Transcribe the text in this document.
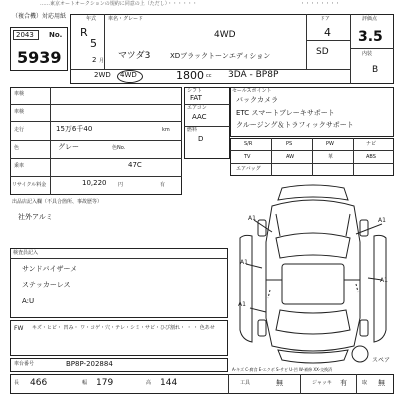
……東京オートオークションの規約に同意の上（ただし）・・・・・・	・・・・・・・・
（複合機）対応用紙
2043 No.
5939
年式
R
5
2 月
車名・グレード
4WD
マツダ3	XDブラックトーンエディション
ドア
4
SD
評価点
3.5
内装
B
2WD 4WD	1800 cc 3DA - BP8P
車検
車検
走行	15万6千40	km
色	グレー	色No.
乗車	47C
リサイクル料金	10,220 円	有
シフト
FAT
エアコン
AAC
燃料
D
セールスポイント
バックカメラ
ETC スマートブレーキサポート
クルージング＆トラフィックサポート
S/R	PS	PW	ナビ
TV	AW	革	ABS
エアバッグ
出品店記入欄（不具合箇所、事故歴等）
社外アルミ
検査員記入
サンドバイザーメ
ステッカーレス
A:U
FW キズ・ヒビ・ 凹み・ ワ・コゲ・穴・テレ・シミ・サビ・ひび割れ・ ・ ・ 色あせ
車台番号	BP8P-202884
長 466	幅 179	高 144	工具	無	ジャッキ 有	取 無
A1	A1
A1
A1
A1
スペア
A-キズ C-腐食 E-エクボ S-サビ U-凹 W-補修 XX-交換済
